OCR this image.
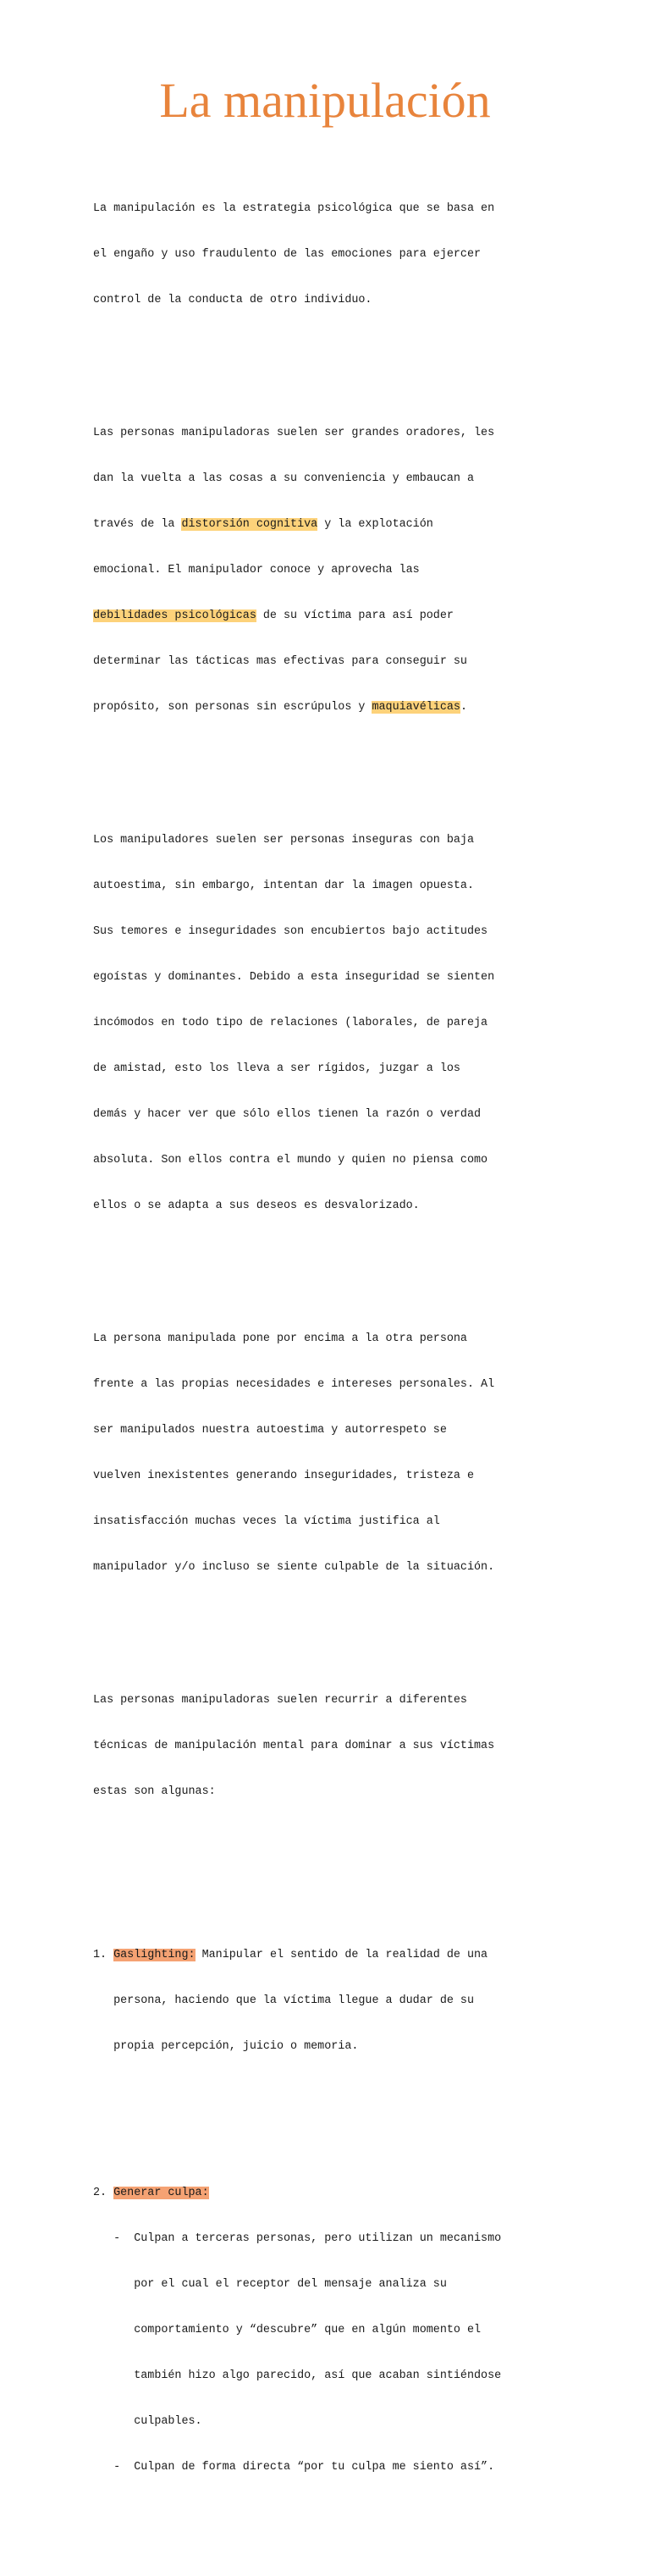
La manipulación

La manipulación es la estrategia psicológica que se basa en

el engaño y uso fraudulento de las emociones para ejercer

control de la conducta de otro individuo.

Las personas manipuladoras suelen ser grandes oradores, les

dan la vuelta a las cosas a su conveniencia y embaucan a

través de la distorsión cognitiva y la explotación

emocional. El manipulador conoce y aprovecha las

debilidades psicológicas de su víctima para así poder

determinar las tácticas mas efectivas para conseguir su

propósito, son personas sin escrúpulos y maquiavélicas.

Los manipuladores suelen ser personas inseguras con baja

autoestima, sin embargo, intentan dar la imagen opuesta.

Sus temores e inseguridades son encubiertos bajo actitudes

egoístas y dominantes. Debido a esta inseguridad se sienten

incómodos en todo tipo de relaciones (laborales, de pareja

de amistad, esto los lleva a ser rígidos, juzgar a los

demás y hacer ver que sólo ellos tienen la razón o verdad

absoluta. Son ellos contra el mundo y quien no piensa como

ellos o se adapta a sus deseos es desvalorizado.

La persona manipulada pone por encima a la otra persona

frente a las propias necesidades e intereses personales. Al

ser manipulados nuestra autoestima y autorrespeto se

vuelven inexistentes generando inseguridades, tristeza e

insatisfacción muchas veces la víctima justifica al

manipulador y/o incluso se siente culpable de la situación.

Las personas manipuladoras suelen recurrir a diferentes

técnicas de manipulación mental para dominar a sus víctimas

estas son algunas:

1. Gaslighting: Manipular el sentido de la realidad de una

persona, haciendo que la víctima llegue a dudar de su

propia percepción, juicio o memoria.

2. Generar culpa:

-  Culpan a terceras personas, pero utilizan un mecanismo

por el cual el receptor del mensaje analiza su

comportamiento y “descubre” que en algún momento el

también hizo algo parecido, así que acaban sintiéndose

culpables.

-  Culpan de forma directa “por tu culpa me siento así”.
